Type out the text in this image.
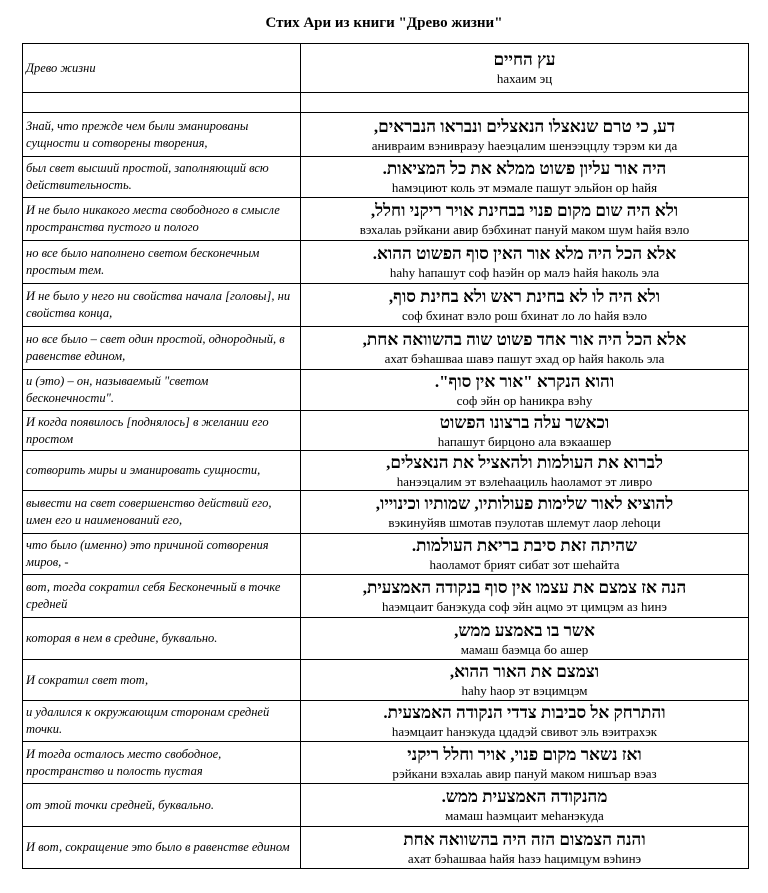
Стих Ари из книги "Древо жизни"
Древо жизни	עץ החיים
hахаим эц

Знай, что прежде чем были эманированы сущности и сотворены творения,	דע, כי טרם שנאצלו הנאצלים ונבראו הנבראים,
анивраим вэнивраэу hаеэцалим шенээццлу тэрэм ки да

был свет высший простой, заполняющий всю действительность.	היה אור עליון פשוט ממלא את כל המציאות.
hамэциют коль эт мэмале пашут эльйон ор hайя

И не было никакого места свободного в смысле пространства пустого и полого	ולא היה שום מקום פנוי בבחינת אויר ריקני וחלל,
вэхалаь рэйкани авир бэбхинат пануй маком шум hайя вэло

но все было наполнено светом бесконечным простым тем.	אלא הכל היה מלא אור האין סוף הפשוט ההוא.
hаhy hапашут соф hаэйн ор малэ hайя hаколь эла

И не было у него ни свойства начала [головы], ни свойства конца,	ולא היה לו לא בחינת ראש ולא בחינת סוף,
соф бхинат вэло рош бхинат ло ло hайя вэло

но все было – свет один простой, однородный, в равенстве едином,	אלא הכל היה אור אחד פשוט שוה בהשוואה אחת,
ахат бэhашваа шавэ пашут эхад ор hайя hаколь эла

и (это) – он, называемый "светом бесконечности".	והוא הנקרא "אור אין סוף".
соф эйн ор hаникра вэhy

И когда появилось [поднялось] в желании его простом	וכאשר עלה ברצונו הפשוט
hапашут бирцоно ала вэкаашер

сотворить миры и эманировать сущности,	לברוא את העולמות ולהאציל את הנאצלים,
hанээцалим эт вэлеhаациль hаоламот эт ливро

вывести на свет совершенство действий его, имен его и наименований его,	להוציא לאור שלימות פעולותיו, שמותיו וכינוייו,
вэкинуйяв шмотав пэулотав шлемут лаор леhоци

что было (именно) это причиной сотворения миров, -	שהיתה זאת סיבת בריאת העולמות.
hаоламот брият сибат зот шеhайта

вот, тогда сократил себя Бесконечный в точке средней	הנה אז צמצם את עצמו אין סוף בנקודה האמצעית,
hаэмцаит банэкуда соф эйн ацмо эт цимцэм аз hинэ

которая в нем в средине, буквально.	אשר בו באמצע ממש,
мамаш баэмца бо ашер

И сократил свет тот,	וצמצם את האור ההוא,
hаhy hаор эт вэцимцэм

и удалился к окружающим сторонам средней точки.	והתרחק אל סביבות צדדי הנקודה האמצעית.
hаэмцаит hанэкуда цдадэй свивот эль вэитраxэк

И тогда осталось место свободное, пространство и полость пустая	ואז נשאר מקום פנוי, אויר וחלל ריקני
рэйкани вэхалаь авир пануй маком нишъар вэаз

от этой точки средней, буквально.	מהנקודה האמצעית ממש.
мамаш hаэмцаит меhанэкуда

И вот, сокращение это было в равенстве едином	והנה הצמצום הזה היה בהשוואה אחת
ахат бэhашваа hайя hазэ hацимцум вэhинэ
